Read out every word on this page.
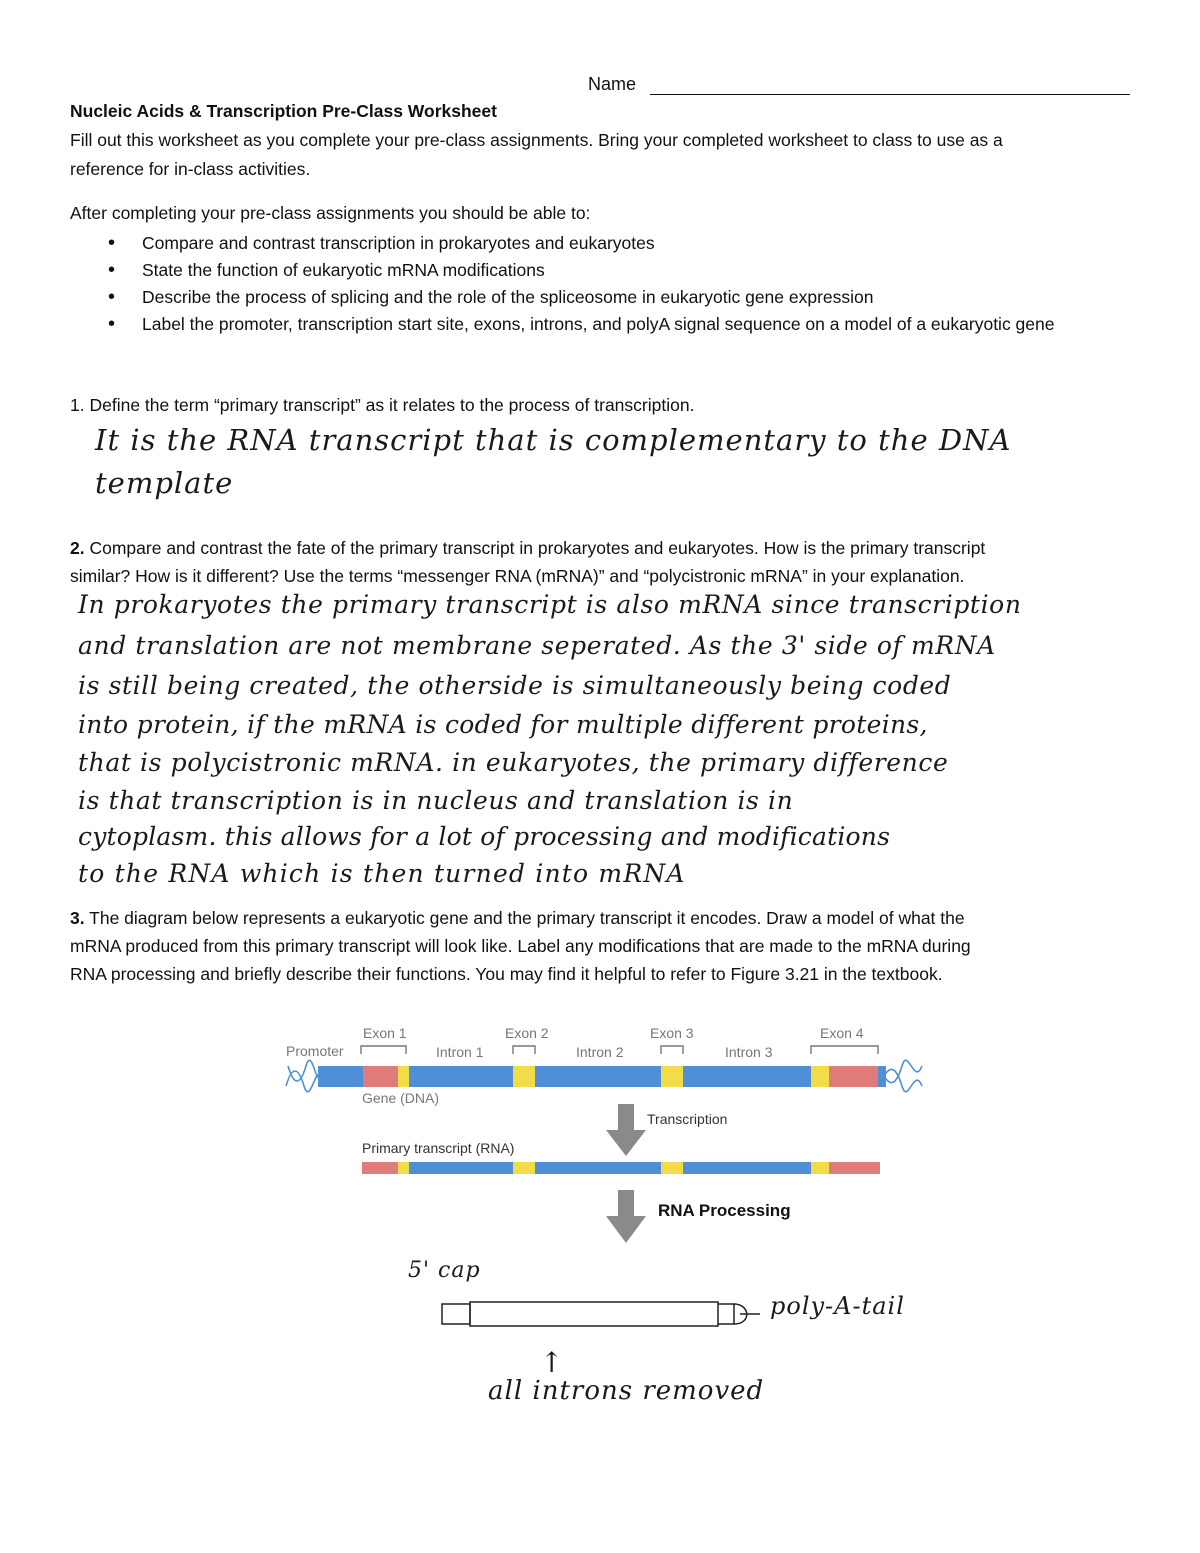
Name
Nucleic Acids & Transcription Pre-Class Worksheet
Fill out this worksheet as you complete your pre-class assignments. Bring your completed worksheet to class to use as a
reference for in-class activities.
After completing your pre-class assignments you should be able to:
• Compare and contrast transcription in prokaryotes and eukaryotes
• State the function of eukaryotic mRNA modifications
• Describe the process of splicing and the role of the spliceosome in eukaryotic gene expression
• Label the promoter, transcription start site, exons, introns, and polyA signal sequence on a model of a eukaryotic gene
1. Define the term “primary transcript” as it relates to the process of transcription.
It is the RNA transcript that is complementary to the DNA
template
2. Compare and contrast the fate of the primary transcript in prokaryotes and eukaryotes. How is the primary transcript
similar? How is it different? Use the terms “messenger RNA (mRNA)” and “polycistronic mRNA” in your explanation.
In prokaryotes the primary transcript is also mRNA since transcription
and translation are not membrane seperated. As the 3' side of mRNA
is still being created, the otherside is simultaneously being coded
into protein, if the mRNA is coded for multiple different proteins,
that is polycistronic mRNA. in eukaryotes, the primary difference
is that transcription is in nucleus and translation is in
cytoplasm. this allows for a lot of processing and modifications
to the RNA which is then turned into mRNA
3. The diagram below represents a eukaryotic gene and the primary transcript it encodes. Draw a model of what the
mRNA produced from this primary transcript will look like. Label any modifications that are made to the mRNA during
RNA processing and briefly describe their functions. You may find it helpful to refer to Figure 3.21 in the textbook.
Promoter
Exon 1	Exon 2	Exon 3	Exon 4
Intron 1	Intron 2	Intron 3
Gene (DNA)
Transcription
Primary transcript (RNA)
RNA Processing
5' cap
poly-A-tail
↑
all introns removed
